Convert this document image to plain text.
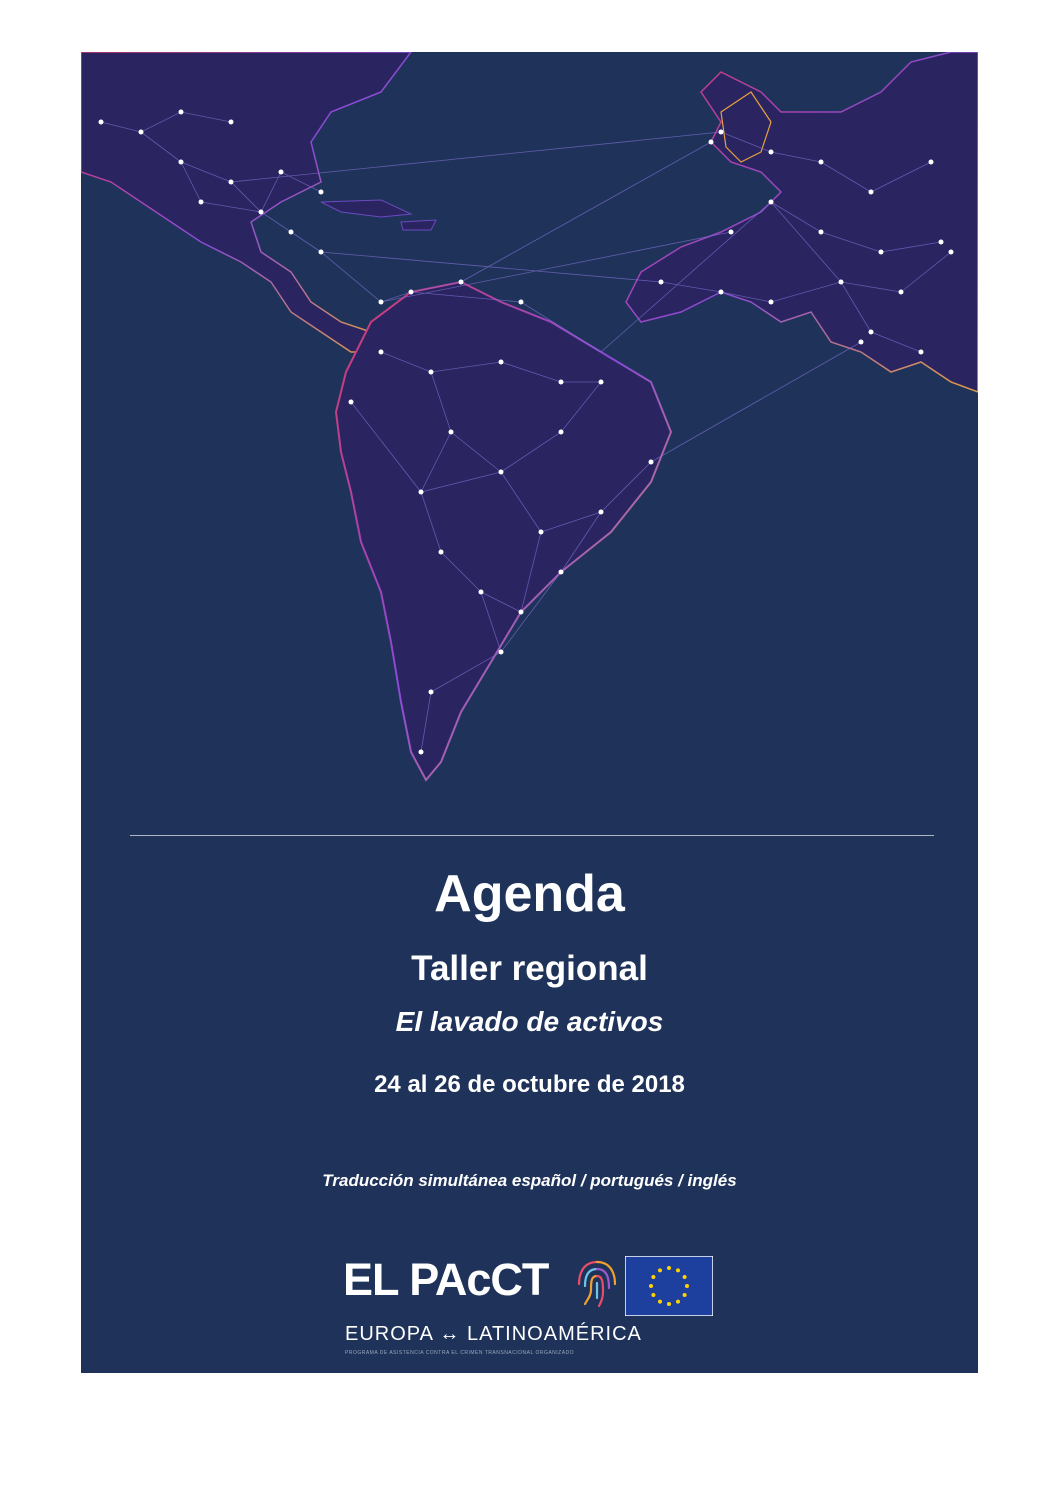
Agenda
Taller regional
El lavado de activos
24 al 26 de octubre de 2018
Traducción simultánea español / portugués / inglés
EL PAcCT
EUROPA ↔ LATINOAMÉRICA
PROGRAMA DE ASISTENCIA CONTRA EL CRIMEN TRANSNACIONAL ORGANIZADO
